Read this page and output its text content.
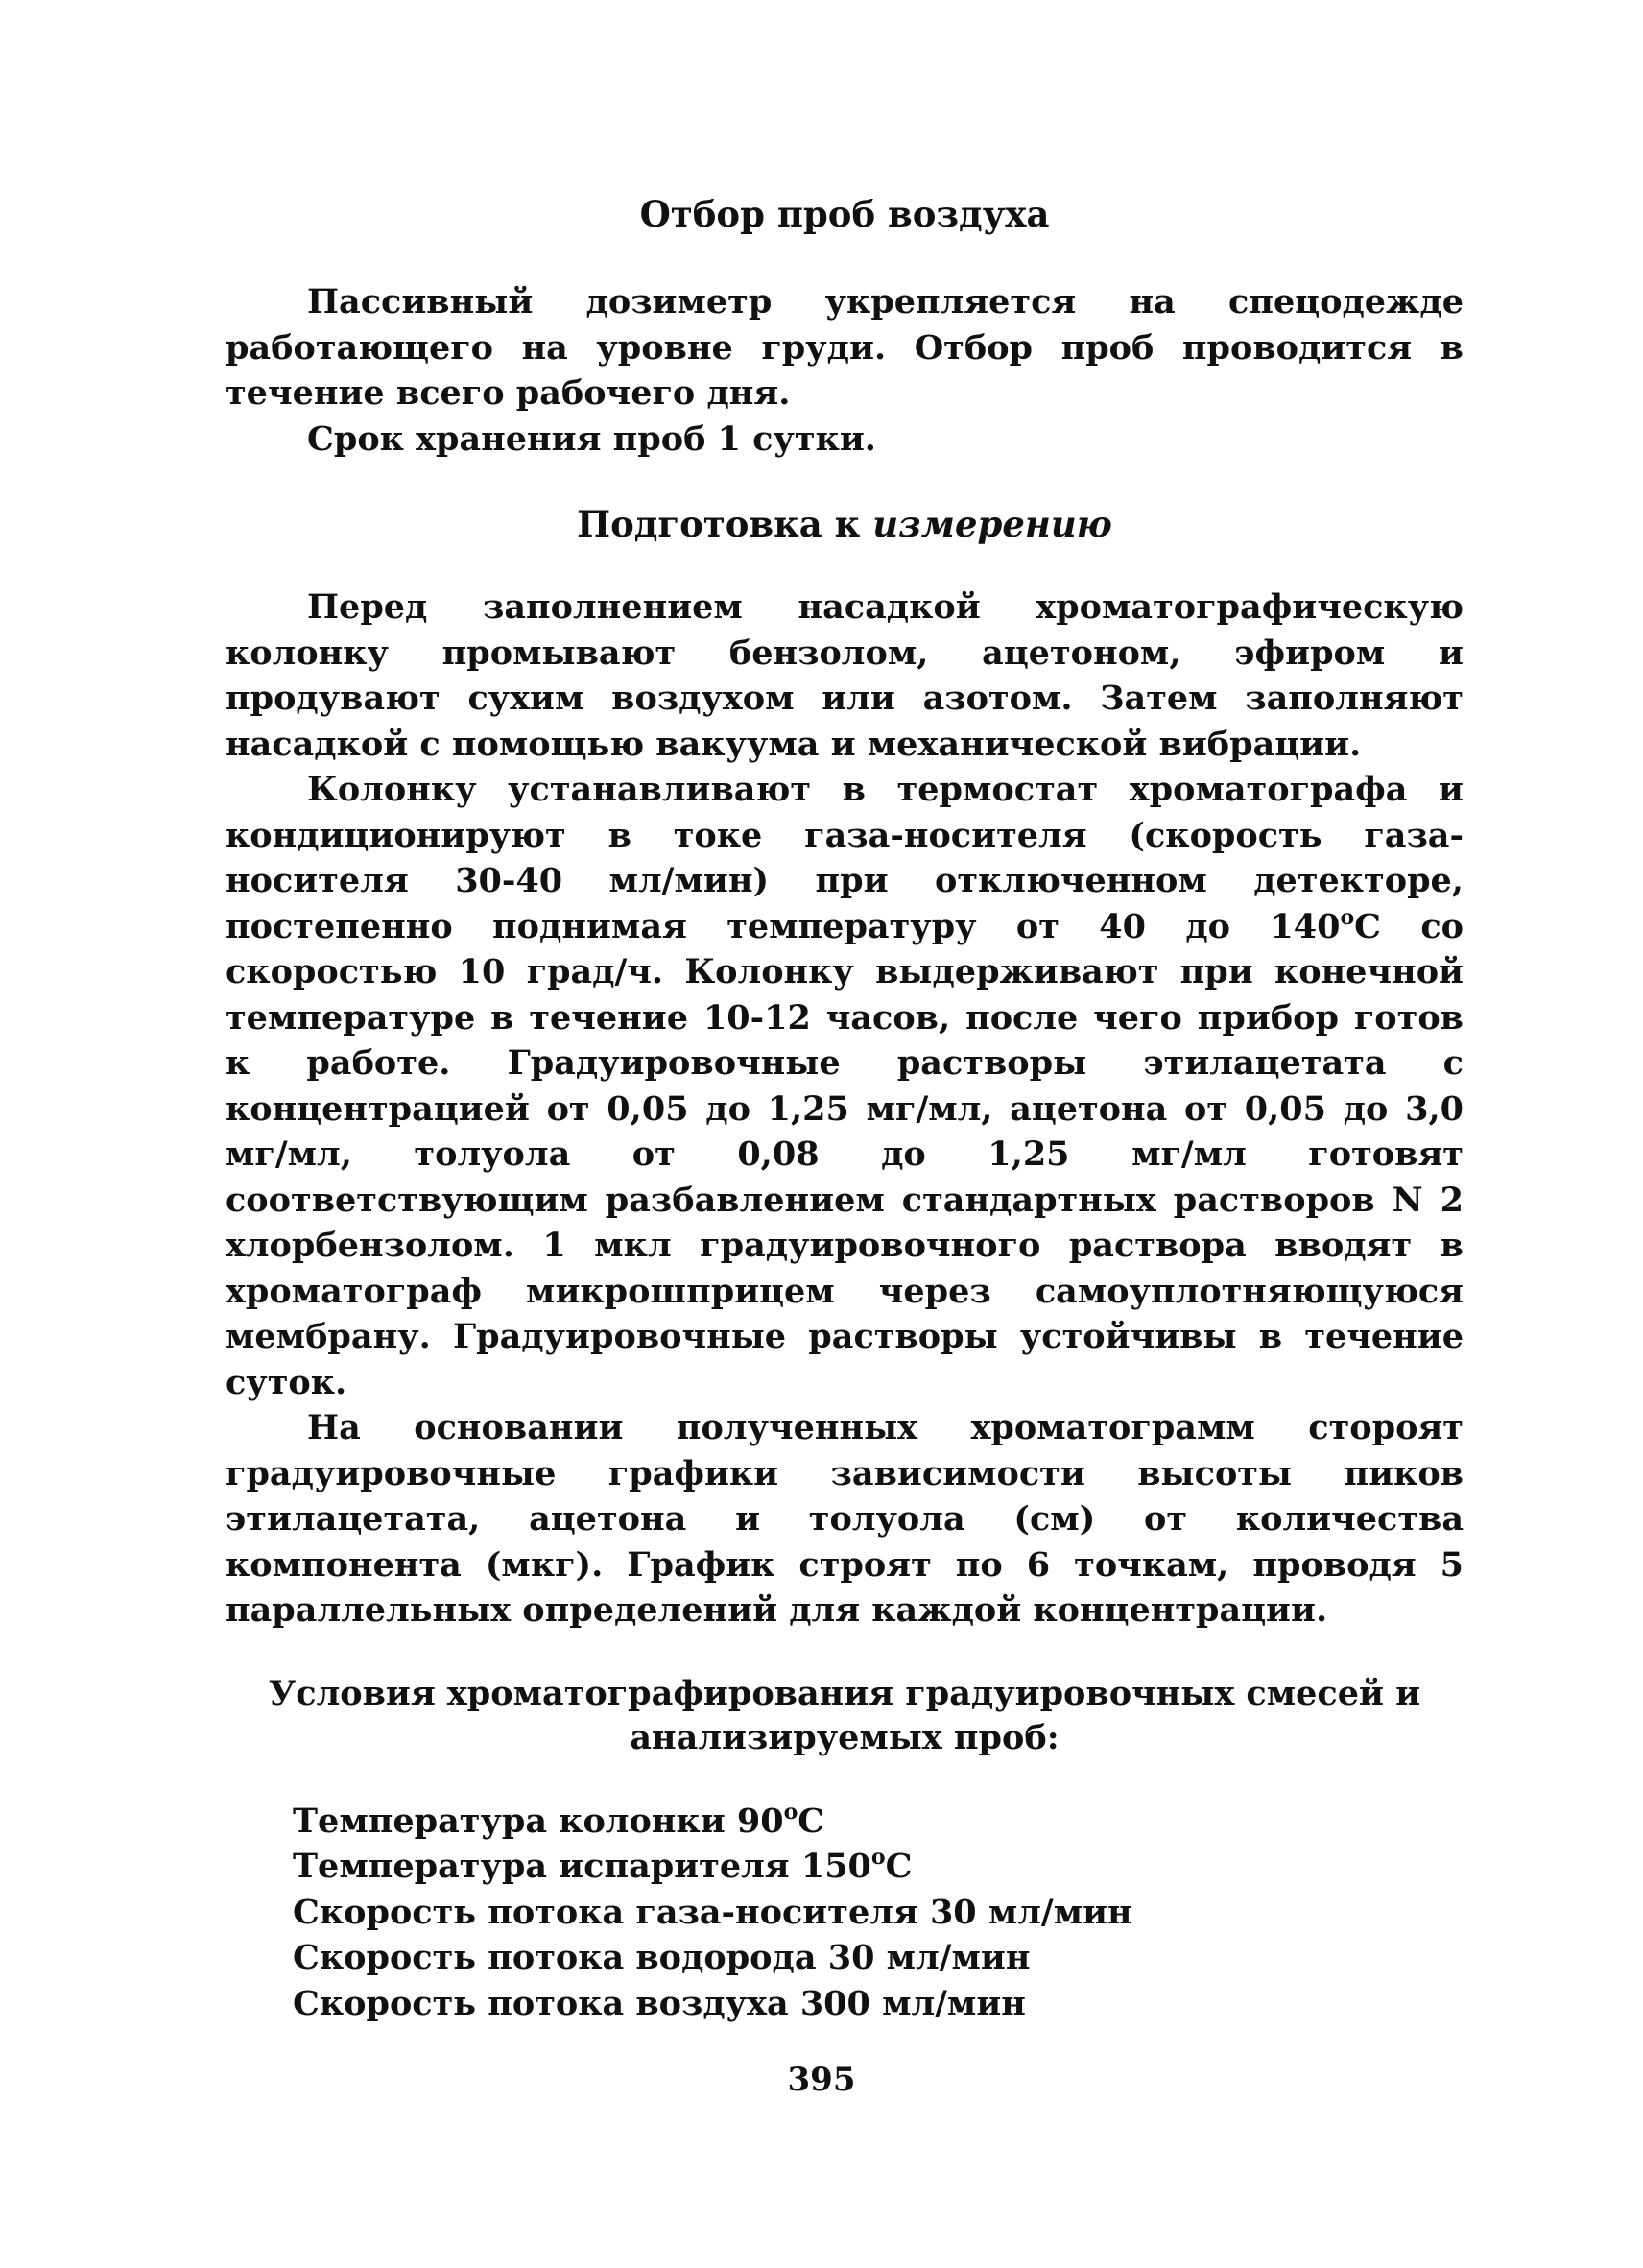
Отбор проб воздуха

Пассивный дозиметр укрепляется на спецодежде работающего на уровне груди. Отбор проб проводится в течение всего рабочего дня.

Срок хранения проб 1 сутки.

Подготовка к измерению

Перед заполнением насадкой хроматографическую колонку промывают бензолом, ацетоном, эфиром и продувают сухим воздухом или азотом. Затем заполняют насадкой с помощью вакуума и механической вибрации.

Колонку устанавливают в термостат хроматографа и кондиционируют в токе газа-носителя (скорость газа-носителя 30-40 мл/мин) при отключенном детекторе, постепенно поднимая температуру от 40 до 140$^o$С со скоростью 10 град/ч. Колонку выдерживают при конечной температуре в течение 10-12 часов, после чего прибор готов к работе. Градуировочные растворы этилацетата с концентрацией от 0,05 до 1,25 мг/мл, ацетона от 0,05 до 3,0 мг/мл, толуола от 0,08 до 1,25 мг/мл готовят соответствующим разбавлением стандартных растворов N 2 хлорбензолом. 1 мкл градуировочного раствора вводят в хроматограф микрошприцем через самоуплотняющуюся мембрану. Градуировочные растворы устойчивы в течение суток.

На основании полученных хроматограмм стороят градуировочные графики зависимости высоты пиков этилацетата, ацетона и толуола (см) от количества компонента (мкг). График строят по 6 точкам, проводя 5 параллельных определений для каждой концентрации.

Условия хроматографирования градуировочных смесей и
анализируемых проб:
Температура колонки 90$^o$С
Температура испарителя 150$^o$С
Скорость потока газа-носителя 30 мл/мин
Скорость потока водорода 30 мл/мин
Скорость потока воздуха 300 мл/мин
395
